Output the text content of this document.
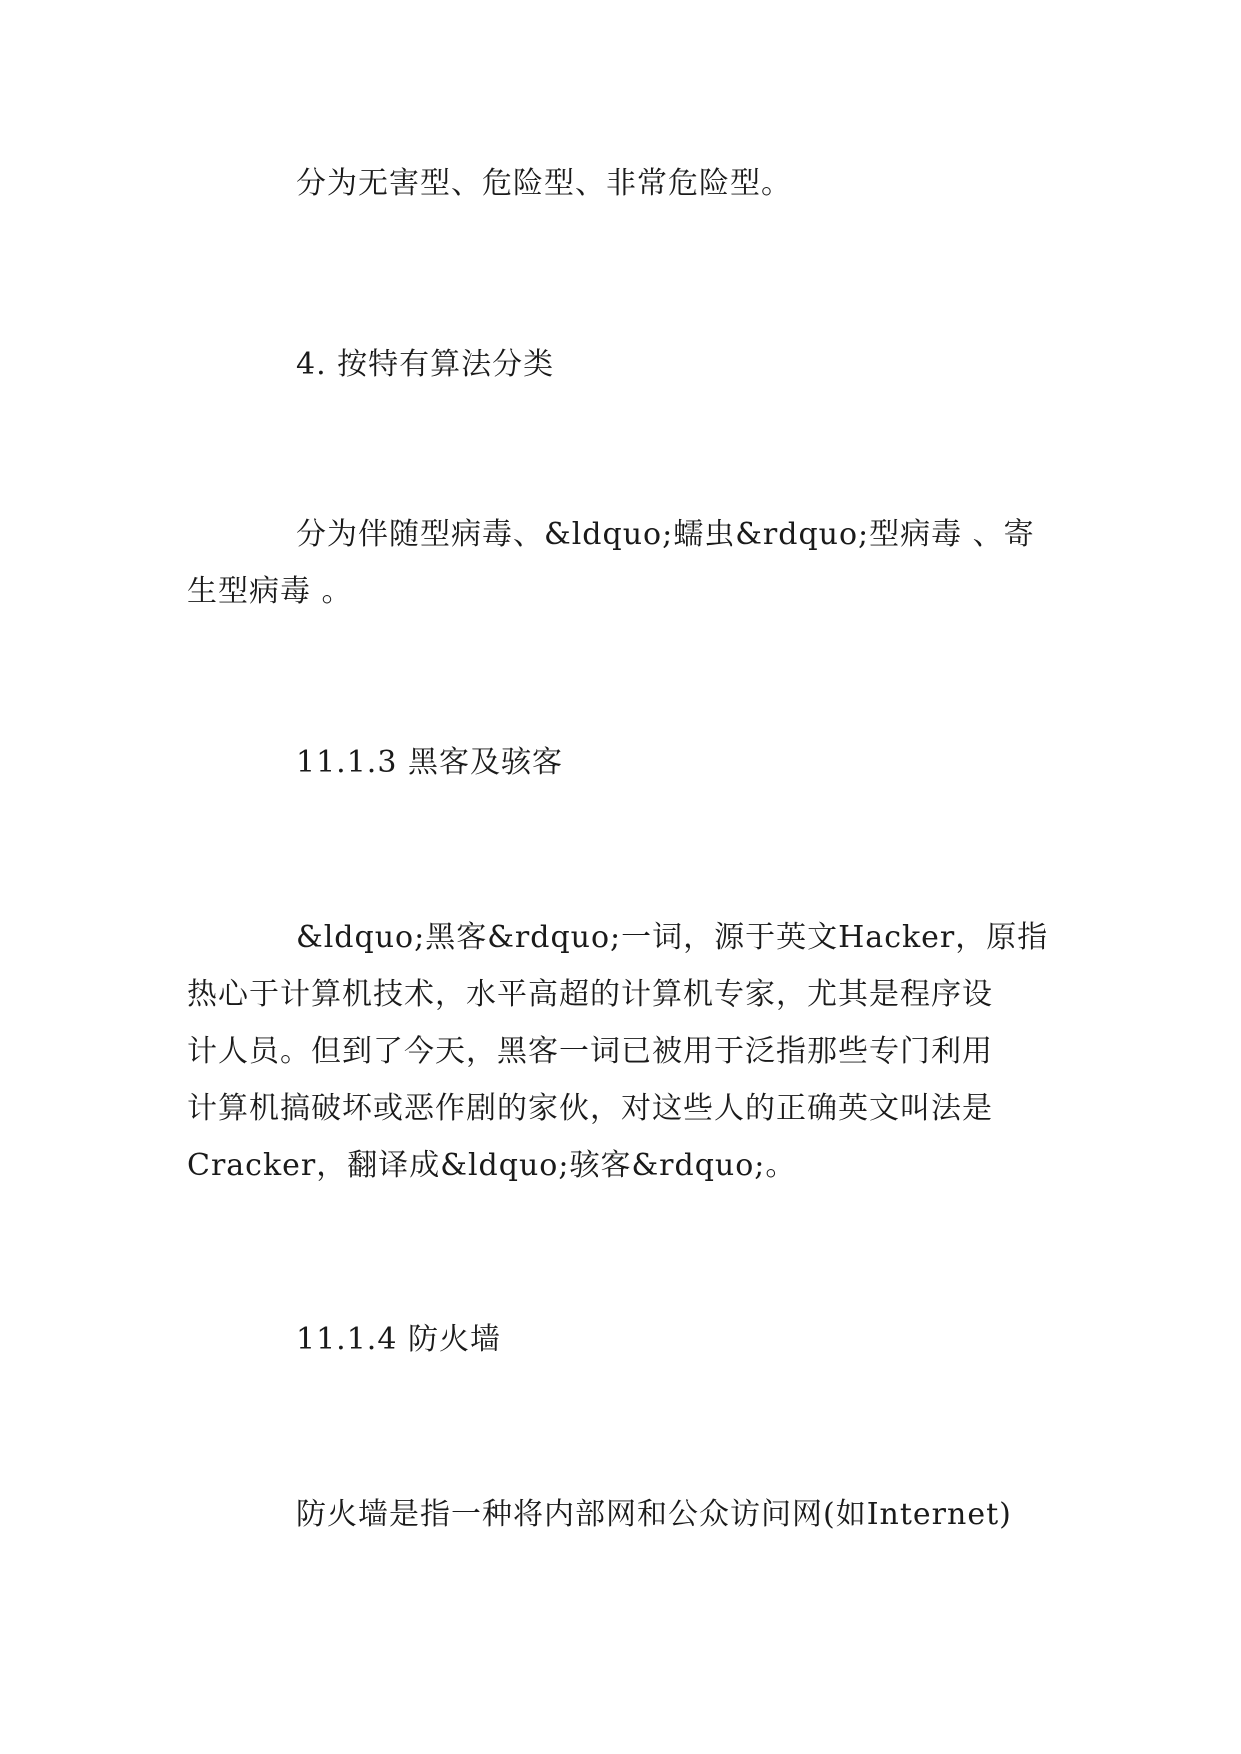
分为无害型、危险型、非常危险型。
4. 按特有算法分类
分为伴随型病毒、&ldquo;蠕虫&rdquo;型病毒 、寄
生型病毒 。
11.1.3 黑客及骇客
&ldquo;黑客&rdquo;一词，源于英文Hacker，原指
热心于计算机技术，水平高超的计算机专家，尤其是程序设
计人员。但到了今天，黑客一词已被用于泛指那些专门利用
计算机搞破坏或恶作剧的家伙，对这些人的正确英文叫法是
Cracker，翻译成&ldquo;骇客&rdquo;。
11.1.4 防火墙
防火墙是指一种将内部网和公众访问网(如Internet)
